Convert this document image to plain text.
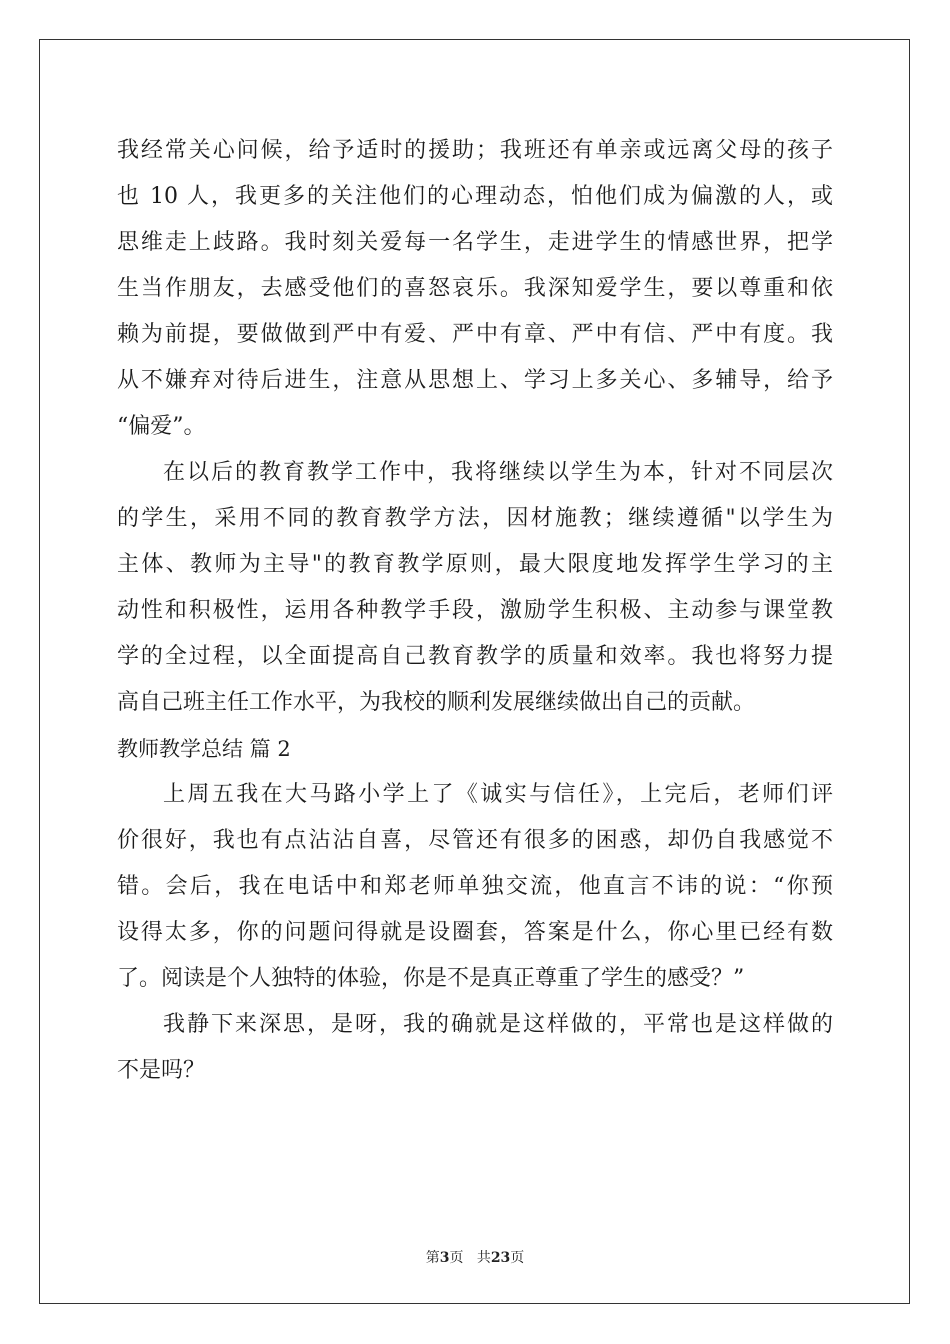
我经常关心问候，给予适时的援助；我班还有单亲或远离父母的孩子
也 10 人，我更多的关注他们的心理动态，怕他们成为偏激的人，或
思维走上歧路。我时刻关爱每一名学生，走进学生的情感世界，把学
生当作朋友，去感受他们的喜怒哀乐。我深知爱学生，要以尊重和依
赖为前提，要做做到严中有爱、严中有章、严中有信、严中有度。我
从不嫌弃对待后进生，注意从思想上、学习上多关心、多辅导，给予
“偏爱”。
在以后的教育教学工作中，我将继续以学生为本，针对不同层次
的学生，采用不同的教育教学方法，因材施教；继续遵循"以学生为
主体、教师为主导"的教育教学原则，最大限度地发挥学生学习的主
动性和积极性，运用各种教学手段，激励学生积极、主动参与课堂教
学的全过程，以全面提高自己教育教学的质量和效率。我也将努力提
高自己班主任工作水平，为我校的顺利发展继续做出自己的贡献。
教师教学总结 篇 2
上周五我在大马路小学上了《诚实与信任》，上完后，老师们评
价很好，我也有点沾沾自喜，尽管还有很多的困惑，却仍自我感觉不
错。会后，我在电话中和郑老师单独交流，他直言不讳的说：“你预
设得太多，你的问题问得就是设圈套，答案是什么，你心里已经有数
了。阅读是个人独特的体验，你是不是真正尊重了学生的感受？”
我静下来深思，是呀，我的确就是这样做的，平常也是这样做的
不是吗？
第3页 共23页
